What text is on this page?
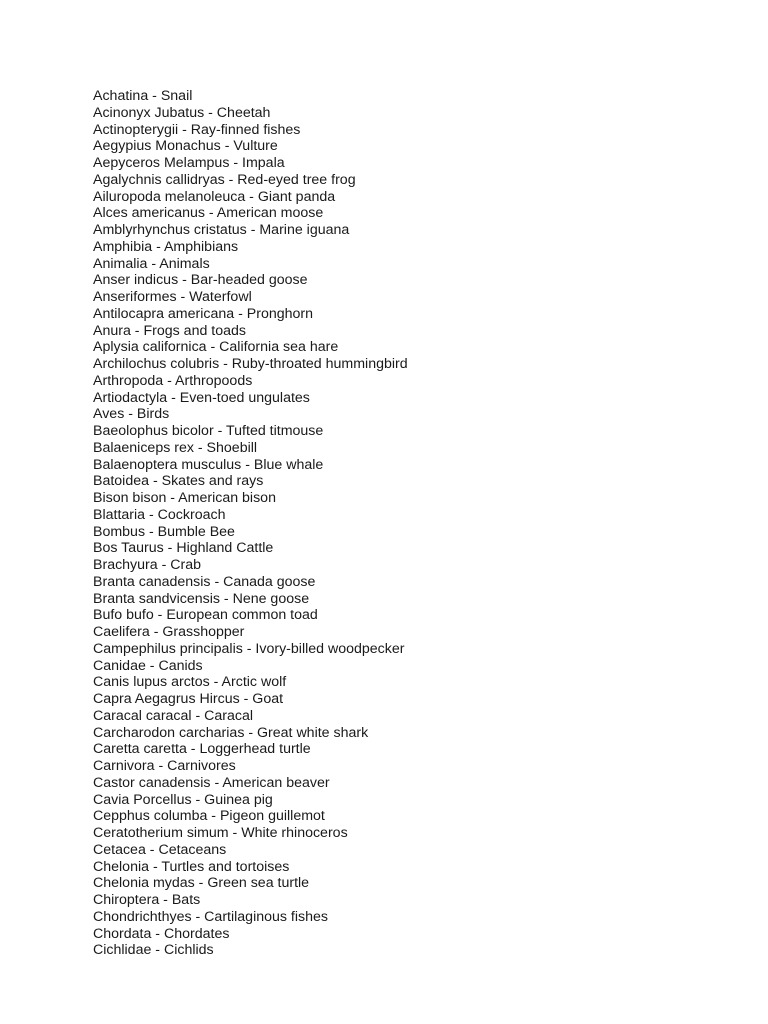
Achatina - Snail
Acinonyx Jubatus - Cheetah
Actinopterygii - Ray-finned fishes
Aegypius Monachus - Vulture
Aepyceros Melampus - Impala
Agalychnis callidryas - Red-eyed tree frog
Ailuropoda melanoleuca - Giant panda
Alces americanus - American moose
Amblyrhynchus cristatus - Marine iguana
Amphibia - Amphibians
Animalia - Animals
Anser indicus - Bar-headed goose
Anseriformes - Waterfowl
Antilocapra americana - Pronghorn
Anura - Frogs and toads
Aplysia californica - California sea hare
Archilochus colubris - Ruby-throated hummingbird
Arthropoda - Arthropoods
Artiodactyla - Even-toed ungulates
Aves - Birds
Baeolophus bicolor - Tufted titmouse
Balaeniceps rex - Shoebill
Balaenoptera musculus - Blue whale
Batoidea - Skates and rays
Bison bison - American bison
Blattaria - Cockroach
Bombus - Bumble Bee
Bos Taurus - Highland Cattle
Brachyura - Crab
Branta canadensis - Canada goose
Branta sandvicensis - Nene goose
Bufo bufo - European common toad
Caelifera - Grasshopper
Campephilus principalis - Ivory-billed woodpecker
Canidae - Canids
Canis lupus arctos - Arctic wolf
Capra Aegagrus Hircus - Goat
Caracal caracal - Caracal
Carcharodon carcharias - Great white shark
Caretta caretta - Loggerhead turtle
Carnivora - Carnivores
Castor canadensis - American beaver
Cavia Porcellus - Guinea pig
Cepphus columba - Pigeon guillemot
Ceratotherium simum - White rhinoceros
Cetacea - Cetaceans
Chelonia - Turtles and tortoises
Chelonia mydas - Green sea turtle
Chiroptera - Bats
Chondrichthyes - Cartilaginous fishes
Chordata - Chordates
Cichlidae - Cichlids
